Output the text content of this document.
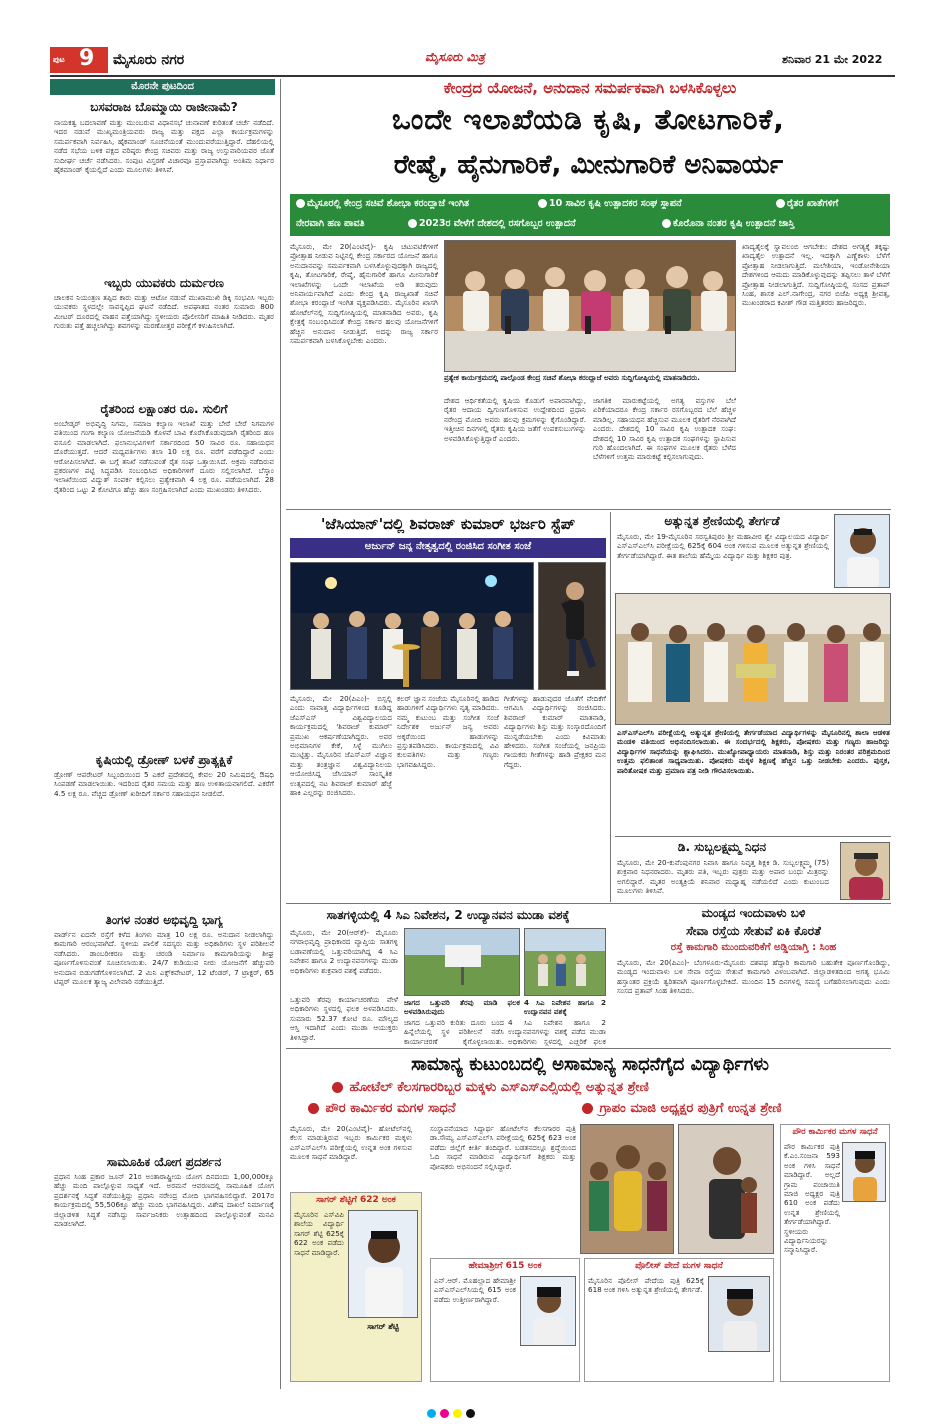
ಪುಟ 9 ಮೈಸೂರು ನಗರ	ಮೈಸೂರು ಮಿತ್ರ	ಶನಿವಾರ 21 ಮೇ 2022
ಮೊರನೇ ಪುಟದಿಂದ
ಬಸವರಾಜ ಬೊಮ್ಮಾಯಿ ರಾಜೀನಾಮೆ?
ನಾಯಕತ್ವ ಬದಲಾವಣೆ ಮತ್ತು ಮುಂಬರುವ ವಿಧಾನಸಭೆ ಚುನಾವಣೆ ಕುರಿತಂತೆ ಚರ್ಚೆ ನಡೆದಿದೆ. ಇದರ ನಡುವೆ ಮುಖ್ಯಮಂತ್ರಿಯವರು ರಾಜ್ಯ ಮತ್ತು ಪಕ್ಷದ ಎಲ್ಲಾ ಕಾರ್ಯಕ್ರಮಗಳನ್ನು ಸಮರ್ಪಕವಾಗಿ ನಿರ್ವಹಿಸಿ, ಹೈಕಮಾಂಡ್ ಸೂಚನೆಯಂತೆ ಮುಂದುವರೆಯುತ್ತಿದ್ದಾರೆ. ದೆಹಲಿಯಲ್ಲಿ ನಡೆದ ಸಭೆಯ ಬಳಿಕ ಪಕ್ಷದ ವರಿಷ್ಠರು ಕೇಂದ್ರ ಸಚಿವರು ಮತ್ತು ರಾಜ್ಯ ಉಸ್ತುವಾರಿಯವರ ಜೊತೆ ಸುದೀರ್ಘ ಚರ್ಚೆ ನಡೆಸಿದರು. ಸಂಪುಟ ವಿಸ್ತರಣೆ ವಿಚಾರವೂ ಪ್ರಸ್ತಾಪವಾಗಿದ್ದು ಅಂತಿಮ ನಿರ್ಧಾರ ಹೈಕಮಾಂಡ್ ಕೈಯಲ್ಲಿದೆ ಎಂದು ಮೂಲಗಳು ತಿಳಿಸಿವೆ.
ಇಬ್ಬರು ಯುವಕರು ದುರ್ಮರಣ
ಚಾಲಕನ ನಿಯಂತ್ರಣ ತಪ್ಪಿದ ಕಾರು ಮತ್ತು ಆಟೋ ನಡುವೆ ಮುಖಾಮುಖಿ ಡಿಕ್ಕಿ ಸಂಭವಿಸಿ ಇಬ್ಬರು ಯುವಕರು ಸ್ಥಳದಲ್ಲೇ ಸಾವನ್ನಪ್ಪಿದ ಘಟನೆ ನಡೆದಿದೆ. ಅಪಘಾತದ ನಂತರ ಸುಮಾರು 800 ಮೀಟರ್ ದೂರದಲ್ಲಿ ವಾಹನ ಪತ್ತೆಯಾಗಿದ್ದು ಸ್ಥಳೀಯರು ಪೊಲೀಸರಿಗೆ ಮಾಹಿತಿ ನೀಡಿದರು. ಮೃತರ ಗುರುತು ಪತ್ತೆ ಹಚ್ಚಲಾಗಿದ್ದು ಶವಗಳನ್ನು ಮರಣೋತ್ತರ ಪರೀಕ್ಷೆಗೆ ಕಳುಹಿಸಲಾಗಿದೆ.
ರೈತರಿಂದ ಲಕ್ಷಾಂತರ ರೂ. ಸುಲಿಗೆ
ಅಂಬೇಡ್ಕರ್ ಅಭಿವೃದ್ಧಿ ನಿಗಮ, ಸಮಾಜ ಕಲ್ಯಾಣ ಇಲಾಖೆ ಮತ್ತು ಬೇರೆ ಬೇರೆ ನಿಗಮಗಳ ವತಿಯಿಂದ ಗಂಗಾ ಕಲ್ಯಾಣ ಯೋಜನೆಯಡಿ ಕೊಳವೆ ಬಾವಿ ಕೊರೆಸಿಕೊಡುವುದಾಗಿ ರೈತರಿಂದ ಹಣ ವಸೂಲಿ ಮಾಡಲಾಗಿದೆ. ಫಲಾನುಭವಿಗಳಿಗೆ ಸರ್ಕಾರದಿಂದ 50 ಸಾವಿರ ರೂ. ಸಹಾಯಧನ ದೊರೆಯುತ್ತದೆ. ಆದರೆ ಮಧ್ಯವರ್ತಿಗಳು ತಲಾ 10 ಲಕ್ಷ ರೂ. ವರೆಗೆ ಪಡೆದಿದ್ದಾರೆ ಎಂದು ಆರೋಪಿಸಲಾಗಿದೆ. ಈ ಬಗ್ಗೆ ತನಿಖೆ ನಡೆಸುವಂತೆ ರೈತ ಸಂಘ ಒತ್ತಾಯಿಸಿದೆ. ಅಕ್ರಮ ನಡೆದಿರುವ ಪ್ರಕರಣಗಳ ಪಟ್ಟಿ ಸಿದ್ಧಪಡಿಸಿ ಸಂಬಂಧಿಸಿದ ಅಧಿಕಾರಿಗಳಿಗೆ ದೂರು ಸಲ್ಲಿಸಲಾಗಿದೆ. ಬೆಸ್ಕಾಂ ಇಲಾಖೆಯಿಂದ ವಿದ್ಯುತ್ ಸಂಪರ್ಕ ಕಲ್ಪಿಸಲು ಪ್ರತ್ಯೇಕವಾಗಿ 4 ಲಕ್ಷ ರೂ. ಪಡೆಯಲಾಗಿದೆ. 28 ರೈತರಿಂದ ಒಟ್ಟು 2 ಕೋಟಿಗೂ ಹೆಚ್ಚು ಹಣ ಸಂಗ್ರಹಿಸಲಾಗಿದೆ ಎಂದು ಮುಖಂಡರು ತಿಳಿಸಿದರು.
ಕೃಷಿಯಲ್ಲಿ ಡ್ರೋಣ್ ಬಳಕೆ ಪ್ರಾತ್ಯಕ್ಷಿಕೆ
ಡ್ರೋಣ್ ಆಪರೇಟರ್ ಸಿಬ್ಬಂದಿಯಿಂದ 5 ಎಕರೆ ಪ್ರದೇಶದಲ್ಲಿ ಕೇವಲ 20 ನಿಮಿಷದಲ್ಲಿ ಔಷಧಿ ಸಿಂಪಡಣೆ ಮಾಡಲಾಯಿತು. ಇದರಿಂದ ರೈತರ ಸಮಯ ಮತ್ತು ಹಣ ಉಳಿತಾಯವಾಗಲಿದೆ. ಎಕರೆಗೆ 4.5 ಲಕ್ಷ ರೂ. ವೆಚ್ಚದ ಡ್ರೋಣ್ ಖರೀದಿಗೆ ಸರ್ಕಾರ ಸಹಾಯಧನ ನೀಡಲಿದೆ.
ತಿಂಗಳ ನಂತರ ಅಭಿವೃದ್ಧಿ ಭಾಗ್ಯ
ವಾರ್ಡ್‌ನ ಐದನೇ ರಸ್ತೆಗೆ ಕಳೆದ ತಿಂಗಳು ಮಾತ್ರ 10 ಲಕ್ಷ ರೂ. ಅನುದಾನ ನೀಡಲಾಗಿದ್ದು ಕಾಮಗಾರಿ ಆರಂಭವಾಗಿದೆ. ಸ್ಥಳೀಯ ಪಾಲಿಕೆ ಸದಸ್ಯರು ಮತ್ತು ಅಧಿಕಾರಿಗಳು ಸ್ಥಳ ಪರಿಶೀಲನೆ ನಡೆಸಿದರು. ಡಾಂಬರೀಕರಣ ಮತ್ತು ಚರಂಡಿ ನಿರ್ಮಾಣ ಕಾಮಗಾರಿಯನ್ನು ಶೀಘ್ರ ಪೂರ್ಣಗೊಳಿಸುವಂತೆ ಸೂಚಿಸಲಾಯಿತು. 24/7 ಕುಡಿಯುವ ನೀರು ಯೋಜನೆಗೆ ಹೆಚ್ಚುವರಿ ಅನುದಾನ ಬಿಡುಗಡೆಗೊಳಿಸಲಾಗಿದೆ. 2 ಮಿನಿ ಎಕ್ಸ್‌ಕವೇಟರ್, 12 ಟೆಂಡರ್, 7 ಟ್ರಾಕ್ಟರ್, 65 ಟಿಪ್ಪರ್ ಮೂಲಕ ತ್ಯಾಜ್ಯ ವಿಲೇವಾರಿ ನಡೆಯುತ್ತಿದೆ.
ಸಾಮೂಹಿಕ ಯೋಗ ಪ್ರದರ್ಶನ
ಪ್ರಧಾನ ಸಿಂಹ ಪ್ರಕಾರ ಜೂನ್ 21ರ ಅಂತಾರಾಷ್ಟ್ರೀಯ ಯೋಗ ದಿನದಂದು 1,00,000ಕ್ಕೂ ಹೆಚ್ಚು ಮಂದಿ ಪಾಲ್ಗೊಳ್ಳುವ ಸಾಧ್ಯತೆ ಇದೆ. ಅರಮನೆ ಆವರಣದಲ್ಲಿ ಸಾಮೂಹಿಕ ಯೋಗ ಪ್ರದರ್ಶನಕ್ಕೆ ಸಿದ್ಧತೆ ನಡೆಯುತ್ತಿದ್ದು ಪ್ರಧಾನಿ ನರೇಂದ್ರ ಮೋದಿ ಭಾಗವಹಿಸಲಿದ್ದಾರೆ. 2017ರ ಕಾರ್ಯಕ್ರಮದಲ್ಲಿ 55,506ಕ್ಕೂ ಹೆಚ್ಚು ಮಂದಿ ಭಾಗವಹಿಸಿದ್ದರು. ವಿಶೇಷ ದಾಖಲೆ ನಿರ್ಮಾಣಕ್ಕೆ ಜಿಲ್ಲಾಡಳಿತ ಸಿದ್ಧತೆ ನಡೆಸಿದ್ದು ಸಾರ್ವಜನಿಕರು ಉತ್ಸಾಹದಿಂದ ಪಾಲ್ಗೊಳ್ಳುವಂತೆ ಮನವಿ ಮಾಡಲಾಗಿದೆ.
ಕೇಂದ್ರದ ಯೋಜನೆ, ಅನುದಾನ ಸಮರ್ಪಕವಾಗಿ ಬಳಸಿಕೊಳ್ಳಲು
ಒಂದೇ ಇಲಾಖೆಯಡಿ ಕೃಷಿ, ತೋಟಗಾರಿಕೆ,
ರೇಷ್ಮೆ, ಹೈನುಗಾರಿಕೆ, ಮೀನುಗಾರಿಕೆ ಅನಿವಾರ್ಯ
ಮೈಸೂರಲ್ಲಿ ಕೇಂದ್ರ ಸಚಿವೆ ಶೋಭಾ ಕರಂದ್ಲಾಜೆ ಇಂಗಿತ	10 ಸಾವಿರ ಕೃಷಿ ಉತ್ಪಾದಕರ ಸಂಘ ಸ್ಥಾಪನೆ	ರೈತರ ಖಾತೆಗಳಿಗೆ
ನೇರವಾಗಿ ಹಣ ಪಾವತಿ	2023ರ ವೇಳೆಗೆ ದೇಶದಲ್ಲಿ ರಸಗೊಬ್ಬರ ಉತ್ಪಾದನೆ	ಕೊರೊನಾ ನಂತರ ಕೃಷಿ ಉತ್ಪಾದನೆ ಜಾಸ್ತಿ
ಮೈಸೂರು, ಮೇ 20(ಎಂಟಿವೈ)- ಕೃಷಿ ಚಟುವಟಿಕೆಗಳಿಗೆ ಪ್ರೋತ್ಸಾಹ ನೀಡುವ ನಿಟ್ಟಿನಲ್ಲಿ ಕೇಂದ್ರ ಸರ್ಕಾರದ ಯೋಜನೆ ಹಾಗೂ ಅನುದಾನವನ್ನು ಸಮರ್ಪಕವಾಗಿ ಬಳಸಿಕೊಳ್ಳುವುದಕ್ಕಾಗಿ ರಾಜ್ಯದಲ್ಲಿ ಕೃಷಿ, ತೋಟಗಾರಿಕೆ, ರೇಷ್ಮೆ, ಹೈನುಗಾರಿಕೆ ಹಾಗೂ ಮೀನುಗಾರಿಕೆ ಇಲಾಖೆಗಳನ್ನು ಒಂದೇ ಇಲಾಖೆಯ ಅಡಿ ತರುವುದು ಅನಿವಾರ್ಯವಾಗಿದೆ ಎಂದು ಕೇಂದ್ರ ಕೃಷಿ ರಾಜ್ಯಖಾತೆ ಸಚಿವೆ ಶೋಭಾ ಕರಂದ್ಲಾಜೆ ಇಂಗಿತ ವ್ಯಕ್ತಪಡಿಸಿದರು. ಮೈಸೂರಿನ ಖಾಸಗಿ ಹೋಟೆಲ್‌ನಲ್ಲಿ ಸುದ್ದಿಗೋಷ್ಠಿಯಲ್ಲಿ ಮಾತನಾಡಿದ ಅವರು, ಕೃಷಿ ಕ್ಷೇತ್ರಕ್ಕೆ ಸಂಬಂಧಿಸಿದಂತೆ ಕೇಂದ್ರ ಸರ್ಕಾರ ಹಲವು ಯೋಜನೆಗಳಿಗೆ ಹೆಚ್ಚಿನ ಅನುದಾನ ನೀಡುತ್ತಿದೆ. ಅದನ್ನು ರಾಜ್ಯ ಸರ್ಕಾರ ಸಮರ್ಪಕವಾಗಿ ಬಳಸಿಕೊಳ್ಳಬೇಕು ಎಂದರು.
ಪ್ರತ್ಯೇಕ ಕಾರ್ಯಕ್ರಮದಲ್ಲಿ ಪಾಲ್ಗೊಂಡ ಕೇಂದ್ರ ಸಚಿವೆ ಶೋಭಾ ಕರಂದ್ಲಾಜೆ ಅವರು ಸುದ್ದಿಗೋಷ್ಠಿಯಲ್ಲಿ ಮಾತನಾಡಿದರು.
ದೇಶದ ಆರ್ಥಿಕತೆಯಲ್ಲಿ ಕೃಷಿಯ ಕೊಡುಗೆ ಅಪಾರವಾಗಿದ್ದು, ರೈತರ ಆದಾಯ ದ್ವಿಗುಣಗೊಳಿಸುವ ಉದ್ದೇಶದಿಂದ ಪ್ರಧಾನಿ ನರೇಂದ್ರ ಮೋದಿ ಅವರು ಹಲವು ಕ್ರಮಗಳನ್ನು ಕೈಗೊಂಡಿದ್ದಾರೆ. ಇತ್ತೀಚಿನ ದಿನಗಳಲ್ಲಿ ರೈತರು ಕೃಷಿಯ ಜತೆಗೆ ಉಪಕಸುಬುಗಳನ್ನು ಅಳವಡಿಸಿಕೊಳ್ಳುತ್ತಿದ್ದಾರೆ ಎಂದರು.
ಜಾಗತಿಕ ಮಾರುಕಟ್ಟೆಯಲ್ಲಿ ಅಗತ್ಯ ವಸ್ತುಗಳ ಬೆಲೆ ಏರಿಕೆಯಾದರೂ ಕೇಂದ್ರ ಸರ್ಕಾರ ರಸಗೊಬ್ಬರದ ಬೆಲೆ ಹೆಚ್ಚಳ ಮಾಡಿಲ್ಲ. ಸಹಾಯಧನ ಹೆಚ್ಚಿಸುವ ಮೂಲಕ ರೈತರಿಗೆ ನೆರವಾಗಿದೆ ಎಂದರು. ದೇಶದಲ್ಲಿ 10 ಸಾವಿರ ಕೃಷಿ ಉತ್ಪಾದಕ ಸಂಘ: ದೇಶದಲ್ಲಿ 10 ಸಾವಿರ ಕೃಷಿ ಉತ್ಪಾದಕ ಸಂಘಗಳನ್ನು ಸ್ಥಾಪಿಸುವ ಗುರಿ ಹೊಂದಲಾಗಿದೆ. ಈ ಸಂಘಗಳ ಮೂಲಕ ರೈತರು ಬೆಳೆದ ಬೆಳೆಗಳಿಗೆ ಉತ್ತಮ ಮಾರುಕಟ್ಟೆ ಕಲ್ಪಿಸಲಾಗುವುದು.
ಖಾದ್ಯತೈಲಕ್ಕೆ ಸ್ವಾವಲಂಬಿ ಆಗಬೇಕು: ದೇಶದ ಅಗತ್ಯಕ್ಕೆ ತಕ್ಕಷ್ಟು ಖಾದ್ಯತೈಲ ಉತ್ಪಾದನೆ ಇಲ್ಲ. ಇದಕ್ಕಾಗಿ ಎಣ್ಣೆಕಾಳು ಬೆಳೆಗೆ ಪ್ರೋತ್ಸಾಹ ನೀಡಲಾಗುತ್ತಿದೆ. ಮಲೇಶಿಯಾ, ಇಂಡೋನೇಶಿಯಾ ದೇಶಗಳಿಂದ ಆಮದು ಮಾಡಿಕೊಳ್ಳುವುದನ್ನು ತಪ್ಪಿಸಲು ತಾಳೆ ಬೆಳೆಗೆ ಪ್ರೋತ್ಸಾಹ ನೀಡಲಾಗುತ್ತಿದೆ. ಸುದ್ದಿಗೋಷ್ಠಿಯಲ್ಲಿ ಸಂಸದ ಪ್ರತಾಪ್ ಸಿಂಹ, ಶಾಸಕ ಎಲ್.ನಾಗೇಂದ್ರ, ನಗರ ಬಿಜೆಪಿ ಅಧ್ಯಕ್ಷ ಶ್ರೀವತ್ಸ, ಮುಖಂಡರಾದ ಕವೀಶ್ ಗೌಡ ಮತ್ತಿತರರು ಹಾಜರಿದ್ದರು.
'ಜೆಸಿಯಾನ್'ದಲ್ಲಿ ಶಿವರಾಜ್ ಕುಮಾರ್ ಭರ್ಜರಿ ಸ್ಟೆಪ್
ಅರ್ಜುನ್ ಜನ್ಯ ನೇತೃತ್ವದಲ್ಲಿ ರಂಜಿಸಿದ ಸಂಗೀತ ಸಂಜೆ
ಮೈಸೂರು, ಮೇ 20(ಪಿಎಂ)- ಬಿಸ್ಸಲ್ಲಿ ಎಂದು ನಾವಾತ್ತ ವಿದ್ಯಾರ್ಥಿಗಳಿಂದ ಕೂಡಿದ್ದ ಜೆಎಸ್‌ಎಸ್ ವಿಶ್ವವಿದ್ಯಾಲಯದ ಕಾರ್ಯಕ್ರಮದಲ್ಲಿ 'ಶಿವರಾಜ್ ಕುಮಾರ್' ಪ್ರಮುಖ ಆಕರ್ಷಣೆಯಾಗಿದ್ದರು. ಅವರ ಅಭಿಮಾನಿಗಳ ಕೇಕೆ, ಸಿಳ್ಳೆ ಮುಗಿಲು ಮುಟ್ಟಿತ್ತು. ಮೈಸೂರಿನ ಜೆಎಸ್‌ಎಸ್ ವಿಜ್ಞಾನ ಮತ್ತು ತಂತ್ರಜ್ಞಾನ ವಿಶ್ವವಿದ್ಯಾನಿಲಯ ಆಯೋಜಿಸಿದ್ದ ಜೆಸಿಯಾನ್ ಸಾಂಸ್ಕೃತಿಕ ಉತ್ಸವದಲ್ಲಿ ನಟ ಶಿವರಾಜ್ ಕುಮಾರ್ ಹೆಜ್ಜೆ ಹಾಕಿ ಎಲ್ಲರನ್ನು ರಂಜಿಸಿದರು.
ಕಲರ್ ಜ್ಞಾನ ಸಂಜೆಯ ಮೈಸೂರಿನಲ್ಲಿ ಹಾಡಿದ ಹಾಡುಗಳಿಗೆ ವಿದ್ಯಾರ್ಥಿಗಳು ನೃತ್ಯ ಮಾಡಿದರು. ನಮ್ಮ ಕುಟುಂಬ ಮತ್ತು ಸಂಗೀತ ಸಂಜೆ ನಿರ್ದೇಶಕ ಅರ್ಜುನ್ ಜನ್ಯ ಅವರು ಅಕ್ಕರೆಯಿಂದ ಹಾಡುಗಳನ್ನು ಪ್ರಸ್ತುತಪಡಿಸಿದರು. ಕಾರ್ಯಕ್ರಮದಲ್ಲಿ ವಿವಿ ಕುಲಪತಿಗಳು ಮತ್ತು ಗಣ್ಯರು ಭಾಗವಹಿಸಿದ್ದರು.
ಗೀತೆಗಳನ್ನು ಹಾಡುವುದರ ಜೊತೆಗೆ ವೇದಿಕೆಗೆ ಆಗಮಿಸಿ ವಿದ್ಯಾರ್ಥಿಗಳನ್ನು ರಂಜಿಸಿದರು. ಶಿವರಾಜ್ ಕುಮಾರ್ ಮಾತನಾಡಿ, ವಿದ್ಯಾರ್ಥಿಗಳು ಶಿಸ್ತು ಮತ್ತು ಸಂಸ್ಕಾರದೊಂದಿಗೆ ಮುನ್ನಡೆಯಬೇಕು ಎಂದು ಕಿವಿಮಾತು ಹೇಳಿದರು. ಸಂಗೀತ ಸಂಜೆಯಲ್ಲಿ ಜನಪ್ರಿಯ ಗಾಯಕರು ಗೀತೆಗಳನ್ನು ಹಾಡಿ ಪ್ರೇಕ್ಷಕರ ಮನ ಗೆದ್ದರು.
ಅತ್ಯುನ್ನತ ಶ್ರೇಣಿಯಲ್ಲಿ ತೇರ್ಗಡೆ
ಮೈಸೂರು, ಮೇ 19-ಮೈಸೂರಿನ ಸರಸ್ವತಿಪುರಂ ಶ್ರೀ ಮಹಾವೀರ ಶ್ವೇ ವಿದ್ಯಾಲಯದ ವಿದ್ಯಾರ್ಥಿ ಎಸ್‌ಎಸ್‌ಎಲ್‌ಸಿ ಪರೀಕ್ಷೆಯಲ್ಲಿ 625ಕ್ಕೆ 604 ಅಂಕ ಗಳಿಸುವ ಮೂಲಕ ಅತ್ಯುನ್ನತ ಶ್ರೇಣಿಯಲ್ಲಿ ತೇರ್ಗಡೆಯಾಗಿದ್ದಾರೆ. ಈತ ಶಾಲೆಯ ಹೆಮ್ಮೆಯ ವಿದ್ಯಾರ್ಥಿ ಮತ್ತು ಶಿಕ್ಷಕರ ಪುತ್ರ.
ಎಸ್‌ಎಸ್‌ಎಲ್‌ಸಿ ಪರೀಕ್ಷೆಯಲ್ಲಿ ಅತ್ಯುನ್ನತ ಶ್ರೇಣಿಯಲ್ಲಿ ತೇರ್ಗಡೆಯಾದ ವಿದ್ಯಾರ್ಥಿಗಳನ್ನು ಮೈಸೂರಿನಲ್ಲಿ ಶಾಲಾ ಆಡಳಿತ ಮಂಡಳಿ ವತಿಯಿಂದ ಅಭಿನಂದಿಸಲಾಯಿತು. ಈ ಸಂದರ್ಭದಲ್ಲಿ ಶಿಕ್ಷಕರು, ಪೋಷಕರು ಮತ್ತು ಗಣ್ಯರು ಹಾಜರಿದ್ದು ವಿದ್ಯಾರ್ಥಿಗಳ ಸಾಧನೆಯನ್ನು ಶ್ಲಾಘಿಸಿದರು. ಮುಖ್ಯೋಪಾಧ್ಯಾಯರು ಮಾತನಾಡಿ, ಶಿಸ್ತು ಮತ್ತು ನಿರಂತರ ಪರಿಶ್ರಮದಿಂದ ಉತ್ತಮ ಫಲಿತಾಂಶ ಸಾಧ್ಯವಾಯಿತು. ಪೋಷಕರು ಮಕ್ಕಳ ಶಿಕ್ಷಣಕ್ಕೆ ಹೆಚ್ಚಿನ ಒತ್ತು ನೀಡಬೇಕು ಎಂದರು. ಪುಸ್ತಕ, ಪಾರಿತೋಷಕ ಮತ್ತು ಪ್ರಮಾಣ ಪತ್ರ ನೀಡಿ ಗೌರವಿಸಲಾಯಿತು.
ಡಿ. ಸುಬ್ಬಲಕ್ಷ್ಮಮ್ಮ ನಿಧನ
ಮೈಸೂರು, ಮೇ 20-ಕುವೆಂಪುನಗರ ನಿವಾಸಿ ಹಾಗೂ ನಿವೃತ್ತ ಶಿಕ್ಷಕಿ ಡಿ. ಸುಬ್ಬಲಕ್ಷ್ಮಮ್ಮ (75) ಶುಕ್ರವಾರ ನಿಧನರಾದರು. ಮೃತರು ಪತಿ, ಇಬ್ಬರು ಪುತ್ರರು ಮತ್ತು ಅಪಾರ ಬಂಧು ಮಿತ್ರರನ್ನು ಅಗಲಿದ್ದಾರೆ. ಮೃತರ ಅಂತ್ಯಕ್ರಿಯೆ ಶನಿವಾರ ಮಧ್ಯಾಹ್ನ ನಡೆಯಲಿದೆ ಎಂದು ಕುಟುಂಬದ ಮೂಲಗಳು ತಿಳಿಸಿವೆ.
ಸಾತಗಳ್ಳಿಯಲ್ಲಿ 4 ಸಿಎ ನಿವೇಶನ, 2 ಉದ್ಯಾನವನ ಮುಡಾ ವಶಕ್ಕೆ
ಮೈಸೂರು, ಮೇ 20(ಆರ್‌ಕೆ)- ಮೈಸೂರು ನಗರಾಭಿವೃದ್ಧಿ ಪ್ರಾಧಿಕಾರದ ವ್ಯಾಪ್ತಿಯ ಸಾತಗಳ್ಳಿ ಬಡಾವಣೆಯಲ್ಲಿ ಒತ್ತುವರಿಯಾಗಿದ್ದ 4 ಸಿಎ ನಿವೇಶನ ಹಾಗೂ 2 ಉದ್ಯಾನವನಗಳನ್ನು ಮುಡಾ ಅಧಿಕಾರಿಗಳು ಶುಕ್ರವಾರ ವಶಕ್ಕೆ ಪಡೆದರು.
ಒತ್ತುವರಿ ತೆರವು ಕಾರ್ಯಾಚರಣೆಯ ವೇಳೆ ಅಧಿಕಾರಿಗಳು ಸ್ಥಳದಲ್ಲಿ ಫಲಕ ಅಳವಡಿಸಿದರು. ಸುಮಾರು 52.37 ಕೋಟಿ ರೂ. ಮೌಲ್ಯದ ಆಸ್ತಿ ಇದಾಗಿದೆ ಎಂದು ಮುಡಾ ಆಯುಕ್ತರು ತಿಳಿಸಿದ್ದಾರೆ.
ಜಾಗದ ಒತ್ತುವರಿ ತೆರವು ಮಾಡಿ ಫಲಕ ಅಳವಡಿಸಿರುವುದು
4 ಸಿಎ ನಿವೇಶನ ಹಾಗೂ 2 ಉದ್ಯಾನವನ ವಶಕ್ಕೆ
ಜಾಗದ ಒತ್ತುವರಿ ಕುರಿತು ದೂರು ಬಂದ ಹಿನ್ನೆಲೆಯಲ್ಲಿ ಸ್ಥಳ ಪರಿಶೀಲನೆ ನಡೆಸಿ ಕಾರ್ಯಾಚರಣೆ ಕೈಗೊಳ್ಳಲಾಯಿತು.
4 ಸಿಎ ನಿವೇಶನ ಹಾಗೂ 2 ಉದ್ಯಾನವನಗಳನ್ನು ವಶಕ್ಕೆ ಪಡೆದ ಮುಡಾ ಅಧಿಕಾರಿಗಳು ಸ್ಥಳದಲ್ಲಿ ಎಚ್ಚರಿಕೆ ಫಲಕ
ಮಂಡ್ಯದ ಇಂದುವಾಳು ಬಳಿ
ಸೇವಾ ರಸ್ತೆಯ ಸೇತುವೆ ಏಕಿ ಕೊರತೆ
ರಸ್ತೆ ಕಾಮಗಾರಿ ಮುಂದುವರಿಕೆಗೆ ಅಡ್ಡಿಯಾಗ್ತಿ : ಸಿಂಹ
ಮೈಸೂರು, ಮೇ 20(ಪಿಎಂ)- ಬೆಂಗಳೂರು-ಮೈಸೂರು ದಶಪಥ ಹೆದ್ದಾರಿ ಕಾಮಗಾರಿ ಬಹುತೇಕ ಪೂರ್ಣಗೊಂಡಿದ್ದು, ಮಂಡ್ಯದ ಇಂದುವಾಳು ಬಳಿ ಸೇವಾ ರಸ್ತೆಯ ಸೇತುವೆ ಕಾಮಗಾರಿ ವಿಳಂಬವಾಗಿದೆ. ಜಿಲ್ಲಾಡಳಿತದಿಂದ ಅಗತ್ಯ ಭೂಮಿ ಹಸ್ತಾಂತರ ಪ್ರಕ್ರಿಯೆ ತ್ವರಿತವಾಗಿ ಪೂರ್ಣಗೊಳ್ಳಬೇಕಿದೆ. ಮುಂದಿನ 15 ದಿನಗಳಲ್ಲಿ ಸಮಸ್ಯೆ ಬಗೆಹರಿಸಲಾಗುವುದು ಎಂದು ಸಂಸದ ಪ್ರತಾಪ್ ಸಿಂಹ ತಿಳಿಸಿದರು.
ಸಾಮಾನ್ಯ ಕುಟುಂಬದಲ್ಲಿ ಅಸಾಮಾನ್ಯ ಸಾಧನೆಗೈದ ವಿದ್ಯಾರ್ಥಿಗಳು
ಹೋಟೆಲ್ ಕೆಲಸಗಾರರಿಬ್ಬರ ಮಕ್ಕಳು ಎಸ್ಎಸ್ಎಲ್ಸಿಯಲ್ಲಿ ಅತ್ಯುನ್ನತ ಶ್ರೇಣಿ
ಪೌರ ಕಾರ್ಮಿಕರ ಮಗಳ ಸಾಧನೆ	ಗ್ರಾಪಂ ಮಾಜಿ ಅಧ್ಯಕ್ಷರ ಪುತ್ರಿಗೆ ಉನ್ನತ ಶ್ರೇಣಿ
ಮೈಸೂರು, ಮೇ 20(ಎಂಟಿವೈ)- ಹೋಟೆಲ್‌ನಲ್ಲಿ ಕೆಲಸ ಮಾಡುತ್ತಿರುವ ಇಬ್ಬರು ಕಾರ್ಮಿಕರ ಮಕ್ಕಳು ಎಸ್‌ಎಸ್‌ಎಲ್‌ಸಿ ಪರೀಕ್ಷೆಯಲ್ಲಿ ಉನ್ನತ ಅಂಕ ಗಳಿಸುವ ಮೂಲಕ ಸಾಧನೆ ಮಾಡಿದ್ದಾರೆ.
ಸಾಗರ್ ಶೆಟ್ಟಿಗೆ 622 ಅಂಕ
ಮೈಸೂರಿನ ಎಸ್‌ವಿಪಿ ಶಾಲೆಯ ವಿದ್ಯಾರ್ಥಿ ಸಾಗರ್ ಶೆಟ್ಟಿ 625ಕ್ಕೆ 622 ಅಂಕ ಪಡೆದು ಸಾಧನೆ ಮಾಡಿದ್ದಾರೆ.
ಸಾಗರ್ ಶೆಟ್ಟಿ
ಸಂಸ್ಥಾಪನೆಯಾದ ಸಿದ್ದಾರ್ಥ ಹೋಟೆಲ್‌ನ ಕೆಲಸಗಾರರ ಪುತ್ರಿ ಡಾ.ಸೌಮ್ಯ ಎಸ್‌ಎಸ್‌ಎಲ್‌ಸಿ ಪರೀಕ್ಷೆಯಲ್ಲಿ 625ಕ್ಕೆ 623 ಅಂಕ ಪಡೆದು ಜಿಲ್ಲೆಗೆ ಕೀರ್ತಿ ತಂದಿದ್ದಾರೆ. ಬಡತನದಲ್ಲೂ ಶ್ರದ್ಧೆಯಿಂದ ಓದಿ ಸಾಧನೆ ಮಾಡಿರುವ ವಿದ್ಯಾರ್ಥಿನಿಗೆ ಶಿಕ್ಷಕರು ಮತ್ತು ಪೋಷಕರು ಅಭಿನಂದನೆ ಸಲ್ಲಿಸಿದ್ದಾರೆ.
ಹೇಮಾಶ್ರೀಗೆ 615 ಅಂಕ
ಎನ್.ಆರ್. ಮೊಹಲ್ಲಾದ ಹೇಮಾಶ್ರೀ ಎಸ್‌ಎಸ್‌ಎಲ್‌ಸಿಯಲ್ಲಿ 615 ಅಂಕ ಪಡೆದು ಉತ್ತೀರ್ಣರಾಗಿದ್ದಾರೆ.
ಪೊಲೀಸ್ ಪೇದೆ ಮಗಳ ಸಾಧನೆ
ಮೈಸೂರಿನ ಪೊಲೀಸ್ ಪೇದೆಯ ಪುತ್ರಿ 625ಕ್ಕೆ 618 ಅಂಕ ಗಳಿಸಿ ಅತ್ಯುನ್ನತ ಶ್ರೇಣಿಯಲ್ಲಿ ತೇರ್ಗಡೆ.
ಪೌರ ಕಾರ್ಮಿಕರ ಮಗಳ ಸಾಧನೆ
ಪೌರ ಕಾರ್ಮಿಕರ ಪುತ್ರಿ ಕೆ.ಎಂ.ಸಂಜನಾ 593 ಅಂಕ ಗಳಿಸಿ ಸಾಧನೆ ಮಾಡಿದ್ದಾರೆ. ಅಲ್ಲದೆ ಗ್ರಾಮ ಪಂಚಾಯಿತಿ ಮಾಜಿ ಅಧ್ಯಕ್ಷರ ಪುತ್ರಿ 610 ಅಂಕ ಪಡೆದು ಉನ್ನತ ಶ್ರೇಣಿಯಲ್ಲಿ ತೇರ್ಗಡೆಯಾಗಿದ್ದಾರೆ. ಸ್ಥಳೀಯರು ವಿದ್ಯಾರ್ಥಿನಿಯರನ್ನು ಸನ್ಮಾನಿಸಿದ್ದಾರೆ.
